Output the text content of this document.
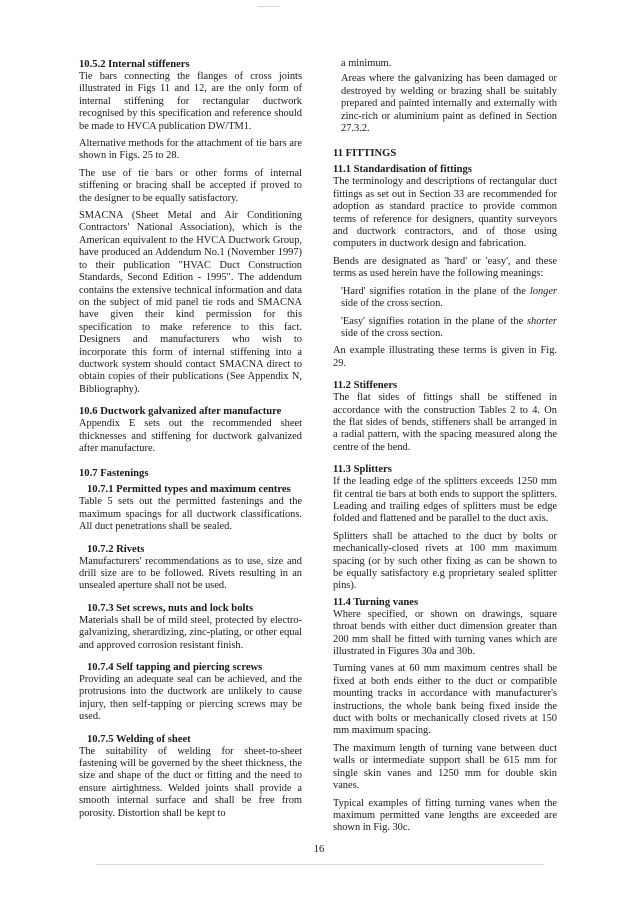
10.5.2 Internal stiffeners

Tie bars connecting the flanges of cross joints illustrated in Figs 11 and 12, are the only form of internal stiffening for rectangular ductwork recognised by this specification and reference should be made to HVCA publication DW/TM1.

Alternative methods for the attachment of tie bars are shown in Figs. 25 to 28.

The use of tie bars or other forms of internal stiffening or bracing shall be accepted if proved to the designer to be equally satisfactory.

SMACNA (Sheet Metal and Air Conditioning Contractors' National Association), which is the American equivalent to the HVCA Ductwork Group, have produced an Addendum No.1 (November 1997) to their publication "HVAC Duct Construction Standards, Second Edition - 1995". The addendum contains the extensive technical information and data on the subject of mid panel tie rods and SMACNA have given their kind permission for this specification to make reference to this fact. Designers and manufacturers who wish to incorporate this form of internal stiffening into a ductwork system should contact SMACNA direct to obtain copies of their publications (See Appendix N, Bibliography).

10.6 Ductwork galvanized after manufacture

Appendix E sets out the recommended sheet thicknesses and stiffening for ductwork galvanized after manufacture.

10.7 Fastenings

10.7.1 Permitted types and maximum centres

Table 5 sets out the permitted fastenings and the maximum spacings for all ductwork classifications. All duct penetrations shall be sealed.

10.7.2 Rivets

Manufacturers' recommendations as to use, size and drill size are to be followed. Rivets resulting in an unsealed aperture shall not be used.

10.7.3 Set screws, nuts and lock bolts

Materials shall be of mild steel, protected by electro-galvanizing, sherardizing, zinc-plating, or other equal and approved corrosion resistant finish.

10.7.4 Self tapping and piercing screws

Providing an adequate seal can be achieved, and the protrusions into the ductwork are unlikely to cause injury, then self-tapping or piercing screws may be used.

10.7.5 Welding of sheet

The suitability of welding for sheet-to-sheet fastening will be governed by the sheet thickness, the size and shape of the duct or fitting and the need to ensure airtightness. Welded joints shall provide a smooth internal surface and shall be free from porosity. Distortion shall be kept to

a minimum.

Areas where the galvanizing has been damaged or destroyed by welding or brazing shall be suitably prepared and painted internally and externally with zinc-rich or aluminium paint as defined in Section 27.3.2.

11 FITTINGS

11.1 Standardisation of fittings

The terminology and descriptions of rectangular duct fittings as set out in Section 33 are recommended for adoption as standard practice to provide common terms of reference for designers, quantity surveyors and ductwork contractors, and of those using computers in ductwork design and fabrication.

Bends are designated as 'hard' or 'easy', and these terms as used herein have the following meanings:

'Hard' signifies rotation in the plane of the longer side of the cross section.

'Easy' signifies rotation in the plane of the shorter side of the cross section.

An example illustrating these terms is given in Fig. 29.

11.2 Stiffeners

The flat sides of fittings shall be stiffened in accordance with the construction Tables 2 to 4. On the flat sides of bends, stiffeners shall be arranged in a radial pattern, with the spacing measured along the centre of the bend.

11.3 Splitters

If the leading edge of the splitters exceeds 1250 mm fit central tie bars at both ends to support the splitters. Leading and trailing edges of splitters must be edge folded and flattened and be parallel to the duct axis.

Splitters shall be attached to the duct by bolts or mechanically-closed rivets at 100 mm maximum spacing (or by such other fixing as can be shown to be equally satisfactory e.g proprietary sealed splitter pins).

11.4 Turning vanes

Where specified, or shown on drawings, square throat bends with either duct dimension greater than 200 mm shall be fitted with turning vanes which are illustrated in Figures 30a and 30b.

Turning vanes at 60 mm maximum centres shall be fixed at both ends either to the duct or compatible mounting tracks in accordance with manufacturer's instructions, the whole bank being fixed inside the duct with bolts or mechanically closed rivets at 150 mm maximum spacing.

The maximum length of turning vane between duct walls or intermediate support shall be 615 mm for single skin vanes and 1250 mm for double skin vanes.

Typical examples of fitting turning vanes when the maximum permitted vane lengths are exceeded are shown in Fig. 30c.

16
